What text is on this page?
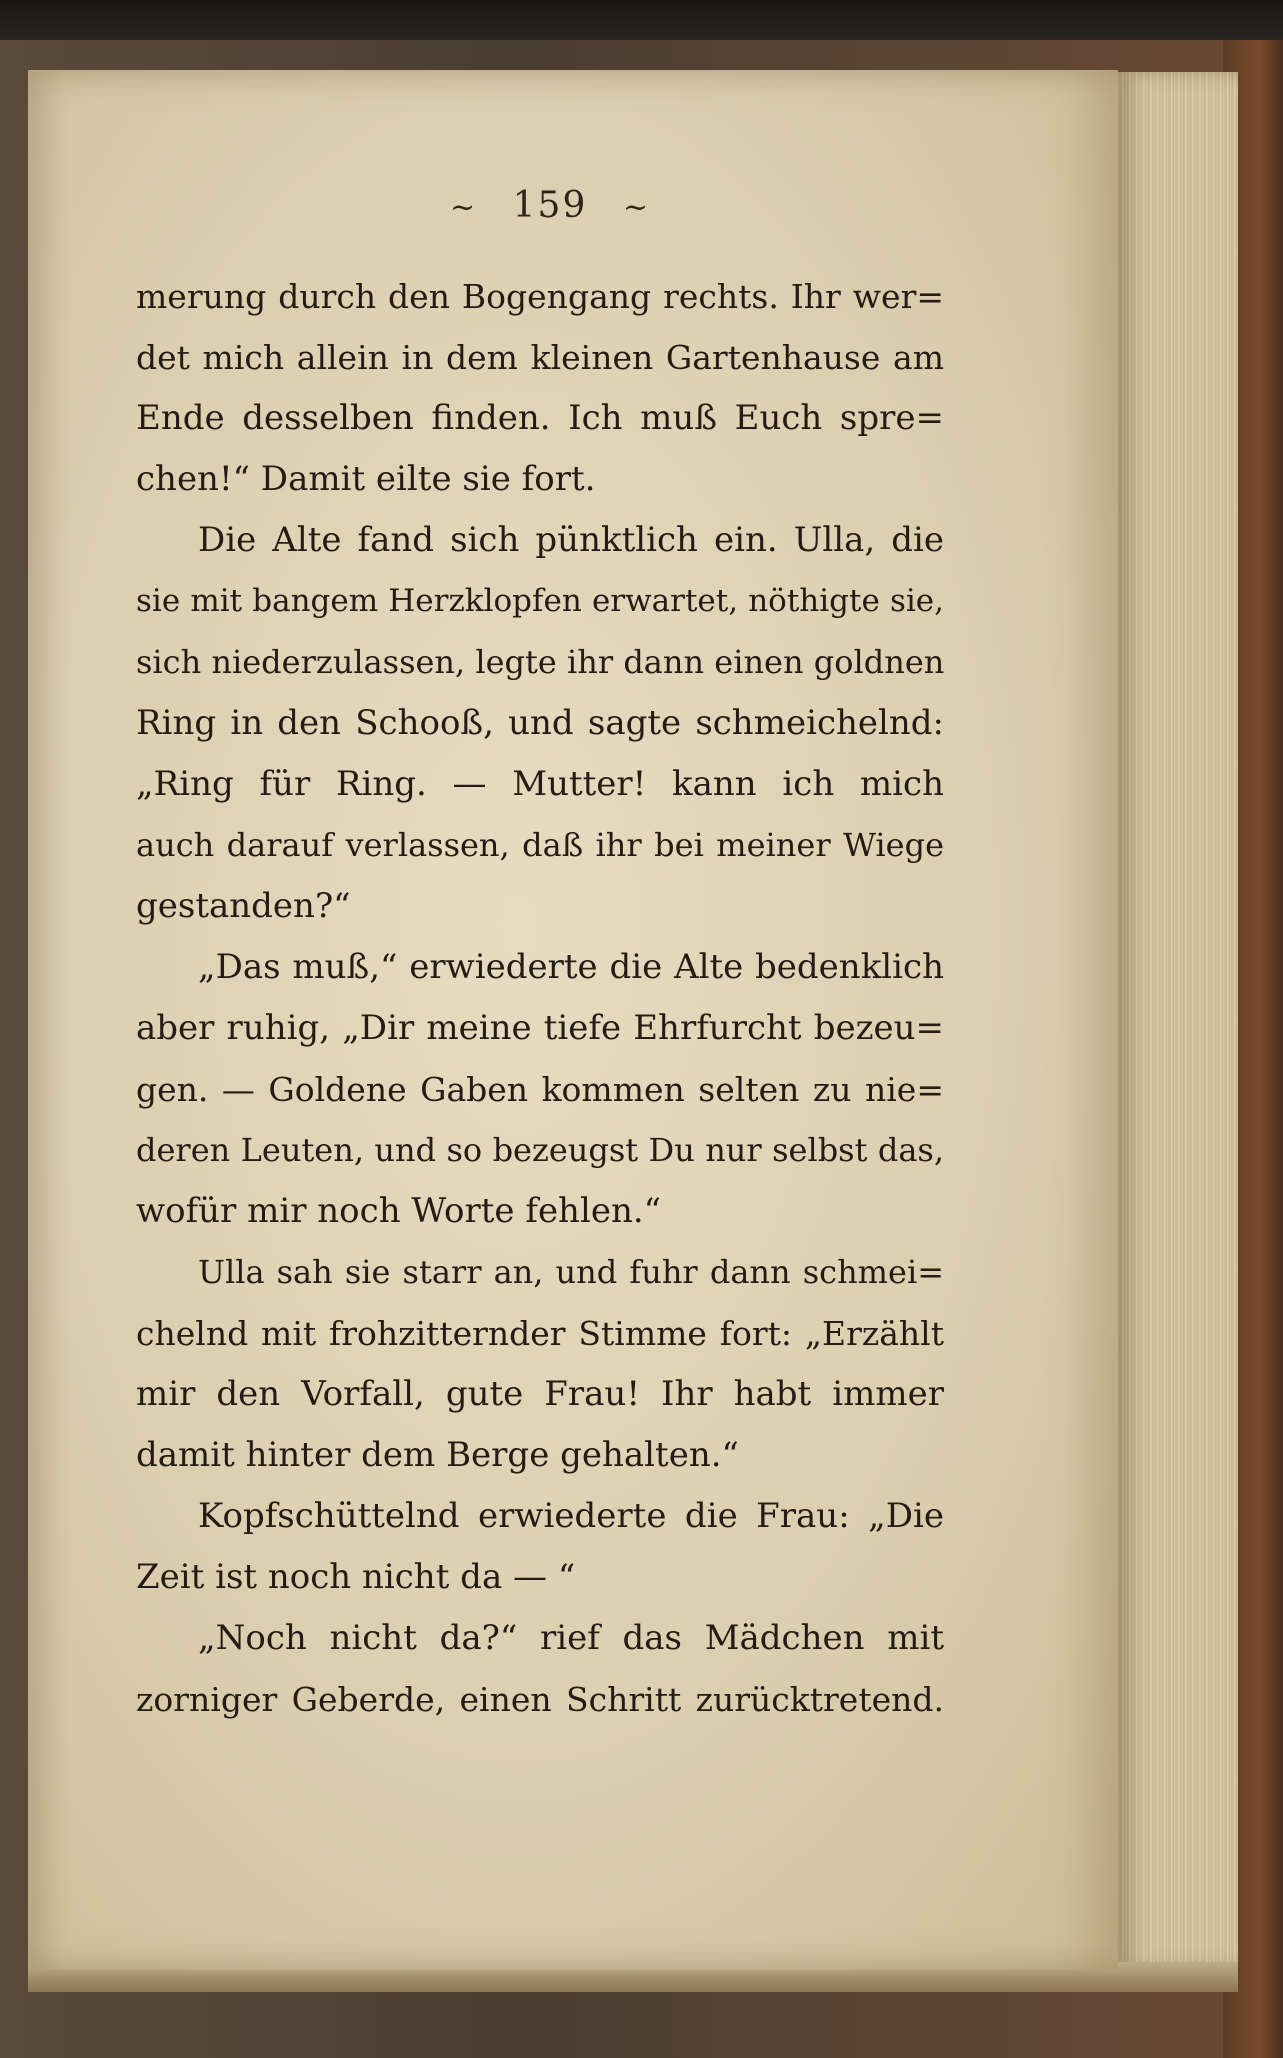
~ 159 ~
merung durch den Bogengang rechts. Ihr wer=
det mich allein in dem kleinen Gartenhause am
Ende desselben finden. Ich muß Euch spre=
chen!“ Damit eilte sie fort.
Die Alte fand sich pünktlich ein. Ulla, die
sie mit bangem Herzklopfen erwartet, nöthigte sie,
sich niederzulassen, legte ihr dann einen goldnen
Ring in den Schooß, und sagte schmeichelnd:
„Ring für Ring. — Mutter! kann ich mich
auch darauf verlassen, daß ihr bei meiner Wiege
gestanden?“
„Das muß,“ erwiederte die Alte bedenklich
aber ruhig, „Dir meine tiefe Ehrfurcht bezeu=
gen. — Goldene Gaben kommen selten zu nie=
deren Leuten, und so bezeugst Du nur selbst das,
wofür mir noch Worte fehlen.“
Ulla sah sie starr an, und fuhr dann schmei=
chelnd mit frohzitternder Stimme fort: „Erzählt
mir den Vorfall, gute Frau! Ihr habt immer
damit hinter dem Berge gehalten.“
Kopfschüttelnd erwiederte die Frau: „Die
Zeit ist noch nicht da — “
„Noch nicht da?“ rief das Mädchen mit
zorniger Geberde, einen Schritt zurücktretend.
